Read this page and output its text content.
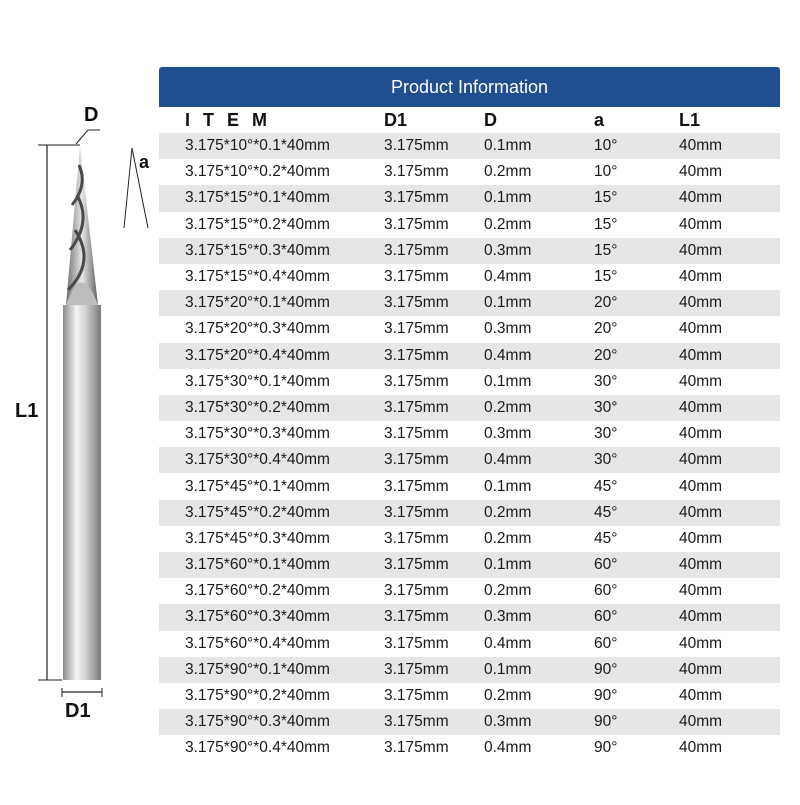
D
a
L1
D1
Product Information
I T E M	D1	D	a	L1
3.175*10°*0.1*40mm	3.175mm	0.1mm	10°	40mm
3.175*10°*0.2*40mm	3.175mm	0.2mm	10°	40mm
3.175*15°*0.1*40mm	3.175mm	0.1mm	15°	40mm
3.175*15°*0.2*40mm	3.175mm	0.2mm	15°	40mm
3.175*15°*0.3*40mm	3.175mm	0.3mm	15°	40mm
3.175*15°*0.4*40mm	3.175mm	0.4mm	15°	40mm
3.175*20°*0.1*40mm	3.175mm	0.1mm	20°	40mm
3.175*20°*0.3*40mm	3.175mm	0.3mm	20°	40mm
3.175*20°*0.4*40mm	3.175mm	0.4mm	20°	40mm
3.175*30°*0.1*40mm	3.175mm	0.1mm	30°	40mm
3.175*30°*0.2*40mm	3.175mm	0.2mm	30°	40mm
3.175*30°*0.3*40mm	3.175mm	0.3mm	30°	40mm
3.175*30°*0.4*40mm	3.175mm	0.4mm	30°	40mm
3.175*45°*0.1*40mm	3.175mm	0.1mm	45°	40mm
3.175*45°*0.2*40mm	3.175mm	0.2mm	45°	40mm
3.175*45°*0.3*40mm	3.175mm	0.2mm	45°	40mm
3.175*60°*0.1*40mm	3.175mm	0.1mm	60°	40mm
3.175*60°*0.2*40mm	3.175mm	0.2mm	60°	40mm
3.175*60°*0.3*40mm	3.175mm	0.3mm	60°	40mm
3.175*60°*0.4*40mm	3.175mm	0.4mm	60°	40mm
3.175*90°*0.1*40mm	3.175mm	0.1mm	90°	40mm
3.175*90°*0.2*40mm	3.175mm	0.2mm	90°	40mm
3.175*90°*0.3*40mm	3.175mm	0.3mm	90°	40mm
3.175*90°*0.4*40mm	3.175mm	0.4mm	90°	40mm
